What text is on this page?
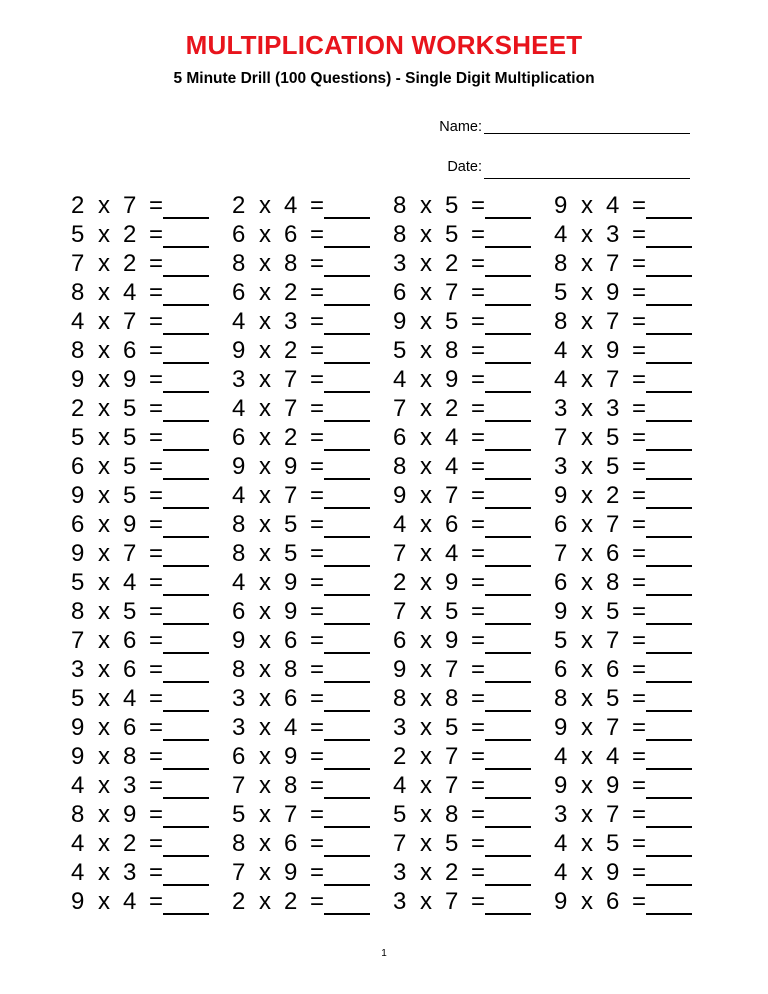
MULTIPLICATION WORKSHEET
5 Minute Drill (100 Questions) - Single Digit Multiplication
Name:
Date:
2 x 7 =
5 x 2 =
7 x 2 =
8 x 4 =
4 x 7 =
8 x 6 =
9 x 9 =
2 x 5 =
5 x 5 =
6 x 5 =
9 x 5 =
6 x 9 =
9 x 7 =
5 x 4 =
8 x 5 =
7 x 6 =
3 x 6 =
5 x 4 =
9 x 6 =
9 x 8 =
4 x 3 =
8 x 9 =
4 x 2 =
4 x 3 =
9 x 4 =
2 x 4 =
6 x 6 =
8 x 8 =
6 x 2 =
4 x 3 =
9 x 2 =
3 x 7 =
4 x 7 =
6 x 2 =
9 x 9 =
4 x 7 =
8 x 5 =
8 x 5 =
4 x 9 =
6 x 9 =
9 x 6 =
8 x 8 =
3 x 6 =
3 x 4 =
6 x 9 =
7 x 8 =
5 x 7 =
8 x 6 =
7 x 9 =
2 x 2 =
8 x 5 =
8 x 5 =
3 x 2 =
6 x 7 =
9 x 5 =
5 x 8 =
4 x 9 =
7 x 2 =
6 x 4 =
8 x 4 =
9 x 7 =
4 x 6 =
7 x 4 =
2 x 9 =
7 x 5 =
6 x 9 =
9 x 7 =
8 x 8 =
3 x 5 =
2 x 7 =
4 x 7 =
5 x 8 =
7 x 5 =
3 x 2 =
3 x 7 =
9 x 4 =
4 x 3 =
8 x 7 =
5 x 9 =
8 x 7 =
4 x 9 =
4 x 7 =
3 x 3 =
7 x 5 =
3 x 5 =
9 x 2 =
6 x 7 =
7 x 6 =
6 x 8 =
9 x 5 =
5 x 7 =
6 x 6 =
8 x 5 =
9 x 7 =
4 x 4 =
9 x 9 =
3 x 7 =
4 x 5 =
4 x 9 =
9 x 6 =
1
